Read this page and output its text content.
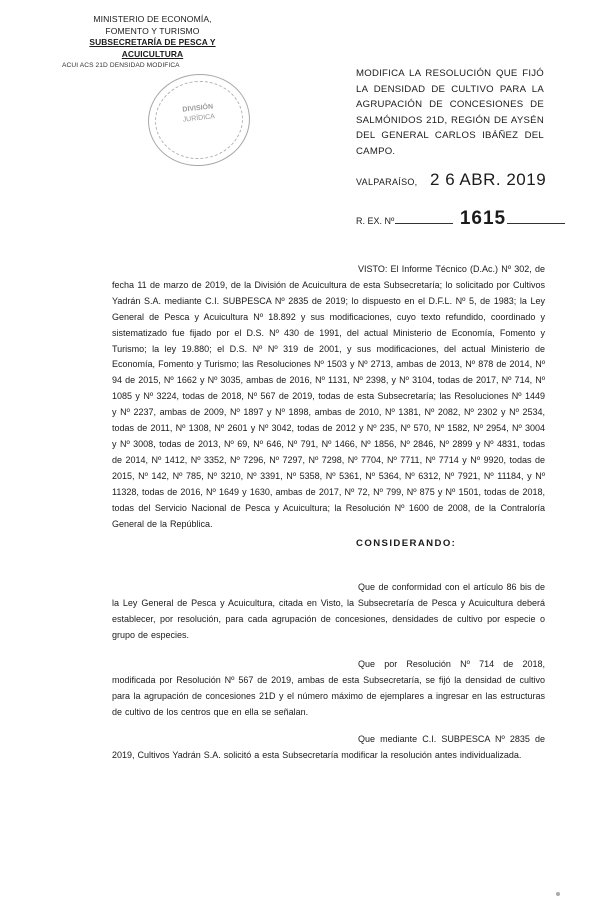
MINISTERIO DE ECONOMÍA,
FOMENTO Y TURISMO
SUBSECRETARÍA DE PESCA Y ACUICULTURA
ACUI ACS 21D DENSIDAD MODIFICA
DIVISIÓN
JURÍDICA
MODIFICA LA RESOLUCIÓN QUE FIJÓ LA DENSIDAD DE CULTIVO PARA LA AGRUPACIÓN DE CONCESIONES DE SALMÓNIDOS 21D, REGIÓN DE AYSÉN DEL GENERAL CARLOS IBÁÑEZ DEL CAMPO.
VALPARAÍSO, 2 6 ABR. 2019
R. EX. Nº	1615
VISTO: El Informe Técnico (D.Ac.) Nº 302, de fecha 11 de marzo de 2019, de la División de Acuicultura de esta Subsecretaría; lo solicitado por Cultivos Yadrán S.A. mediante C.I. SUBPESCA Nº 2835 de 2019; lo dispuesto en el D.F.L. Nº 5, de 1983; la Ley General de Pesca y Acuicultura Nº 18.892 y sus modificaciones, cuyo texto refundido, coordinado y sistematizado fue fijado por el D.S. Nº 430 de 1991, del actual Ministerio de Economía, Fomento y Turismo; la ley 19.880; el D.S. Nº Nº 319 de 2001, y sus modificaciones, del actual Ministerio de Economía, Fomento y Turismo; las Resoluciones Nº 1503 y Nº 2713, ambas de 2013, Nº 878 de 2014, Nº 94 de 2015, Nº 1662 y Nº 3035, ambas de 2016, Nº 1131, Nº 2398, y Nº 3104, todas de 2017, Nº 714, Nº 1085 y Nº 3224, todas de 2018, Nº 567 de 2019, todas de esta Subsecretaría; las Resoluciones Nº 1449 y Nº 2237, ambas de 2009, Nº 1897 y Nº 1898, ambas de 2010, Nº 1381, Nº 2082, Nº 2302 y Nº 2534, todas de 2011, Nº 1308, Nº 2601 y Nº 3042, todas de 2012 y Nº 235, Nº 570, Nº 1582, Nº 2954, Nº 3004 y Nº 3008, todas de 2013, Nº 69, Nº 646, Nº 791, Nº 1466, Nº 1856, Nº 2846, Nº 2899 y Nº 4831, todas de 2014, Nº 1412, Nº 3352, Nº 7296, Nº 7297, Nº 7298, Nº 7704, Nº 7711, Nº 7714 y Nº 9920, todas de 2015, Nº 142, Nº 785, Nº 3210, Nº 3391, Nº 5358, Nº 5361, Nº 5364, Nº 6312, Nº 7921, Nº 11184, y Nº 11328, todas de 2016, Nº 1649 y 1630, ambas de 2017, Nº 72, Nº 799, Nº 875 y Nº 1501, todas de 2018, todas del Servicio Nacional de Pesca y Acuicultura; la Resolución Nº 1600 de 2008, de la Contraloría General de la República.
CONSIDERANDO:
Que de conformidad con el artículo 86 bis de la Ley General de Pesca y Acuicultura, citada en Visto, la Subsecretaría de Pesca y Acuicultura deberá establecer, por resolución, para cada agrupación de concesiones, densidades de cultivo por especie o grupo de especies.
Que por Resolución Nº 714 de 2018, modificada por Resolución Nº 567 de 2019, ambas de esta Subsecretaría, se fijó la densidad de cultivo para la agrupación de concesiones 21D y el número máximo de ejemplares a ingresar en las estructuras de cultivo de los centros que en ella se señalan.
Que mediante C.I. SUBPESCA Nº 2835 de 2019, Cultivos Yadrán S.A. solicitó a esta Subsecretaría modificar la resolución antes individualizada.
